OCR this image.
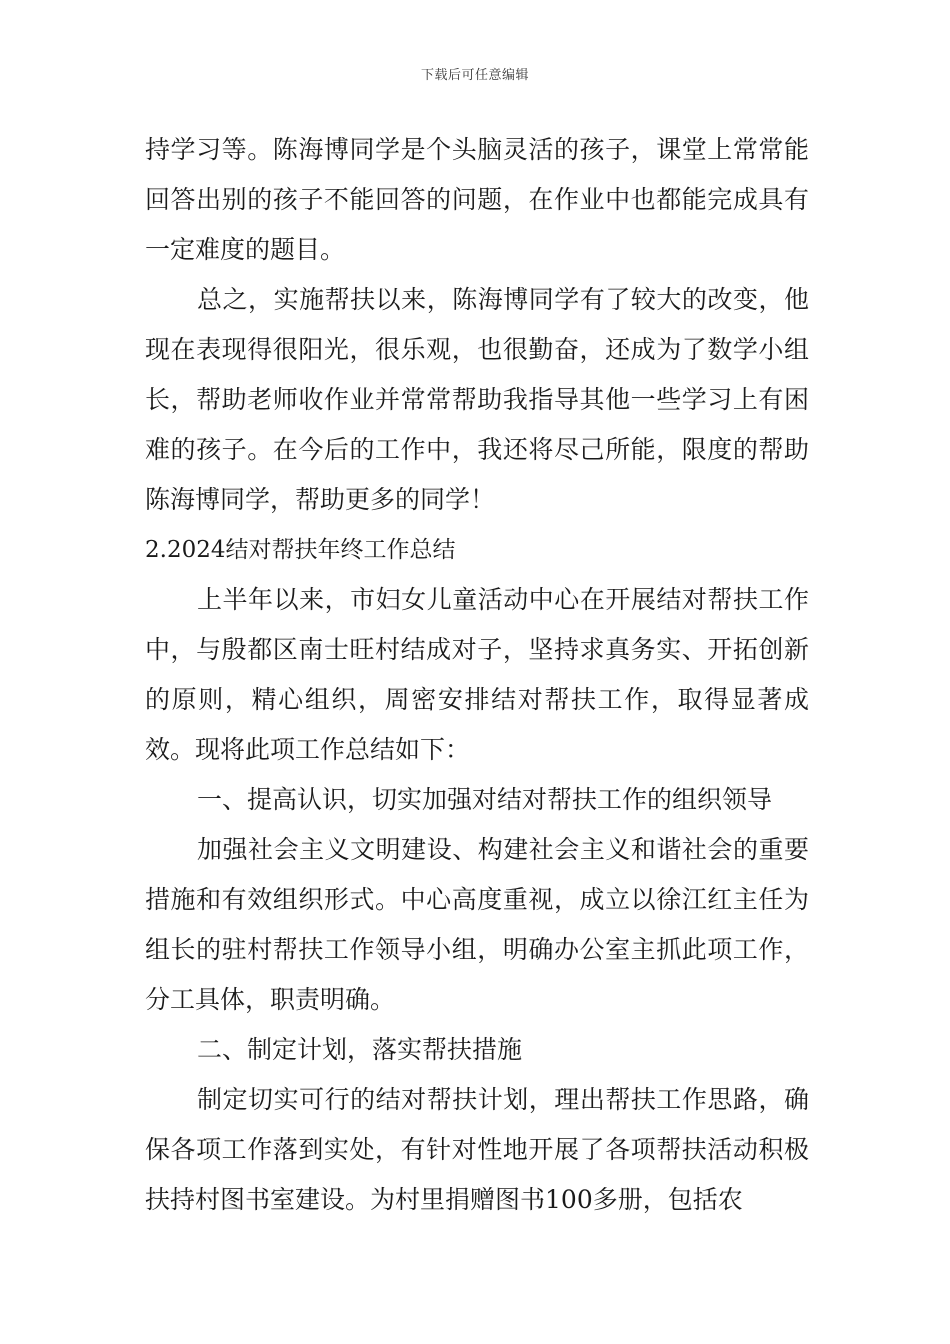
下载后可任意编辑

持学习等。陈海博同学是个头脑灵活的孩子，课堂上常常能回答出别的孩子不能回答的问题，在作业中也都能完成具有一定难度的题目。

总之，实施帮扶以来，陈海博同学有了较大的改变，他现在表现得很阳光，很乐观，也很勤奋，还成为了数学小组长，帮助老师收作业并常常帮助我指导其他一些学习上有困难的孩子。在今后的工作中，我还将尽己所能，限度的帮助陈海博同学，帮助更多的同学！

2.2024结对帮扶年终工作总结

上半年以来，市妇女儿童活动中心在开展结对帮扶工作中，与殷都区南士旺村结成对子，坚持求真务实、开拓创新的原则，精心组织，周密安排结对帮扶工作，取得显著成效。现将此项工作总结如下：

一、提高认识，切实加强对结对帮扶工作的组织领导

加强社会主义文明建设、构建社会主义和谐社会的重要措施和有效组织形式。中心高度重视，成立以徐江红主任为组长的驻村帮扶工作领导小组，明确办公室主抓此项工作，分工具体，职责明确。

二、制定计划，落实帮扶措施

制定切实可行的结对帮扶计划，理出帮扶工作思路，确保各项工作落到实处，有针对性地开展了各项帮扶活动积极扶持村图书室建设。为村里捐赠图书100多册，包括农
